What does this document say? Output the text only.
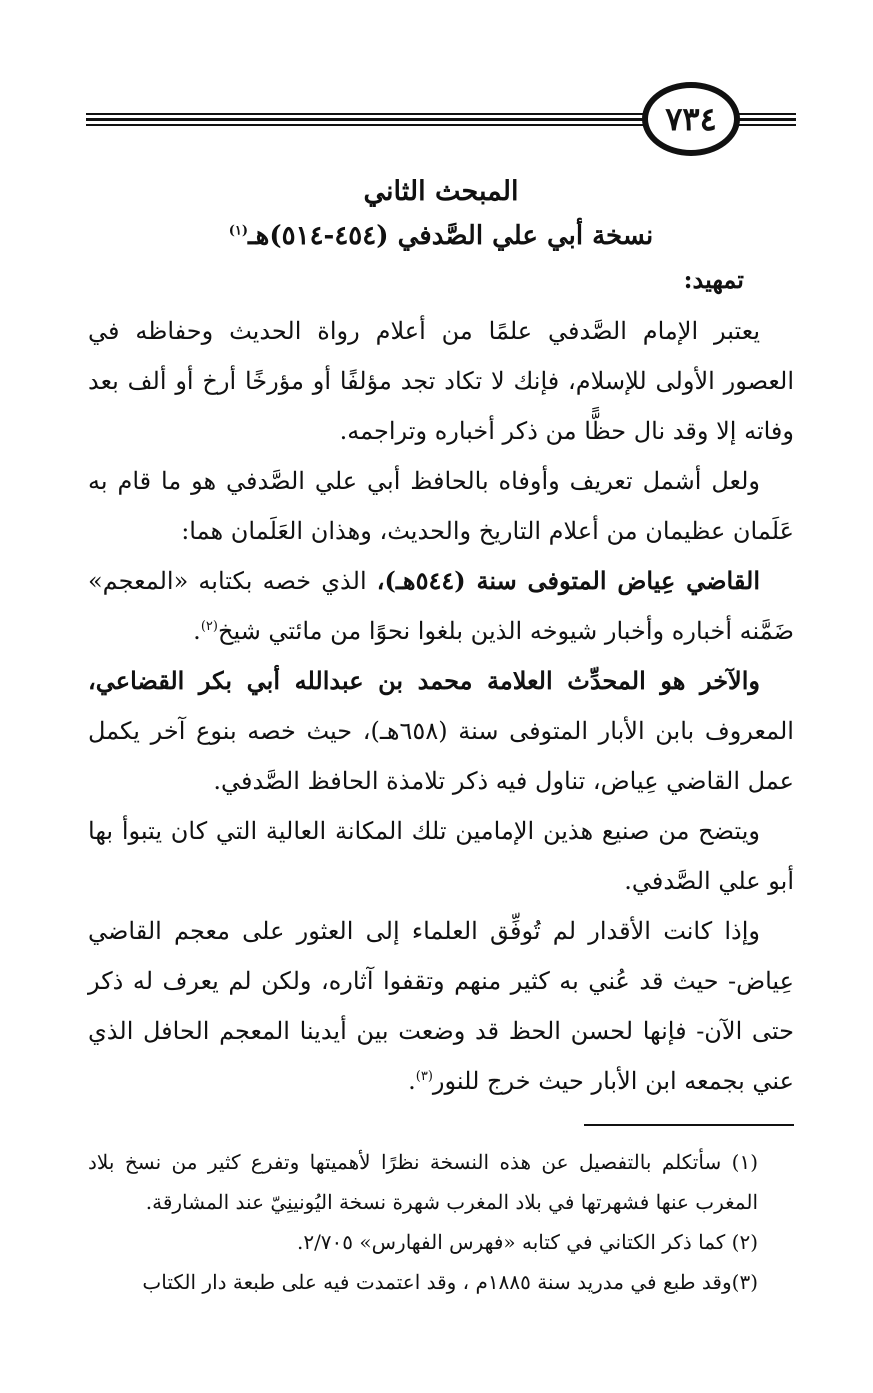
٧٣٤
المبحث الثاني
نسخة أبي علي الصَّدفي (٤٥٤-٥١٤)هـ$^{(١)}$

تمهيد:

يعتبر الإمام الصَّدفي علمًا من أعلام رواة الحديث وحفاظه في العصور الأولى للإسلام، فإنك لا تكاد تجد مؤلفًا أو مؤرخًا أرخ أو ألف بعد وفاته إلا وقد نال حظًّا من ذكر أخباره وتراجمه.

ولعل أشمل تعريف وأوفاه بالحافظ أبي علي الصَّدفي هو ما قام به عَلَمان عظيمان من أعلام التاريخ والحديث، وهذان العَلَمان هما:

القاضي عِياض المتوفى سنة (٥٤٤هـ)، الذي خصه بكتابه «المعجم» ضَمَّنه أخباره وأخبار شيوخه الذين بلغوا نحوًا من مائتي شيخ$^{(٢)}$.

والآخر هو المحدِّث العلامة محمد بن عبدالله أبي بكر القضاعي، المعروف بابن الأبار المتوفى سنة (٦٥٨هـ)، حيث خصه بنوع آخر يكمل عمل القاضي عِياض، تناول فيه ذكر تلامذة الحافظ الصَّدفي.

ويتضح من صنيع هذين الإمامين تلك المكانة العالية التي كان يتبوأ بها أبو علي الصَّدفي.

وإذا كانت الأقدار لم تُوفِّق العلماء إلى العثور على معجم القاضي عِياض- حيث قد عُني به كثير منهم وتقفوا آثاره، ولكن لم يعرف له ذكر حتى الآن- فإنها لحسن الحظ قد وضعت بين أيدينا المعجم الحافل الذي عني بجمعه ابن الأبار حيث خرج للنور$^{(٣)}$.

(١) سأتكلم بالتفصيل عن هذه النسخة نظرًا لأهميتها وتفرع كثير من نسخ بلاد المغرب عنها فشهرتها في بلاد المغرب شهرة نسخة اليُونينِيّ عند المشارقة.

(٢) كما ذكر الكتاني في كتابه «فهرس الفهارس» ٢/٧٠٥.

(٣)وقد طبع في مدريد سنة ١٨٨٥م ، وقد اعتمدت فيه على طبعة دار الكتاب
